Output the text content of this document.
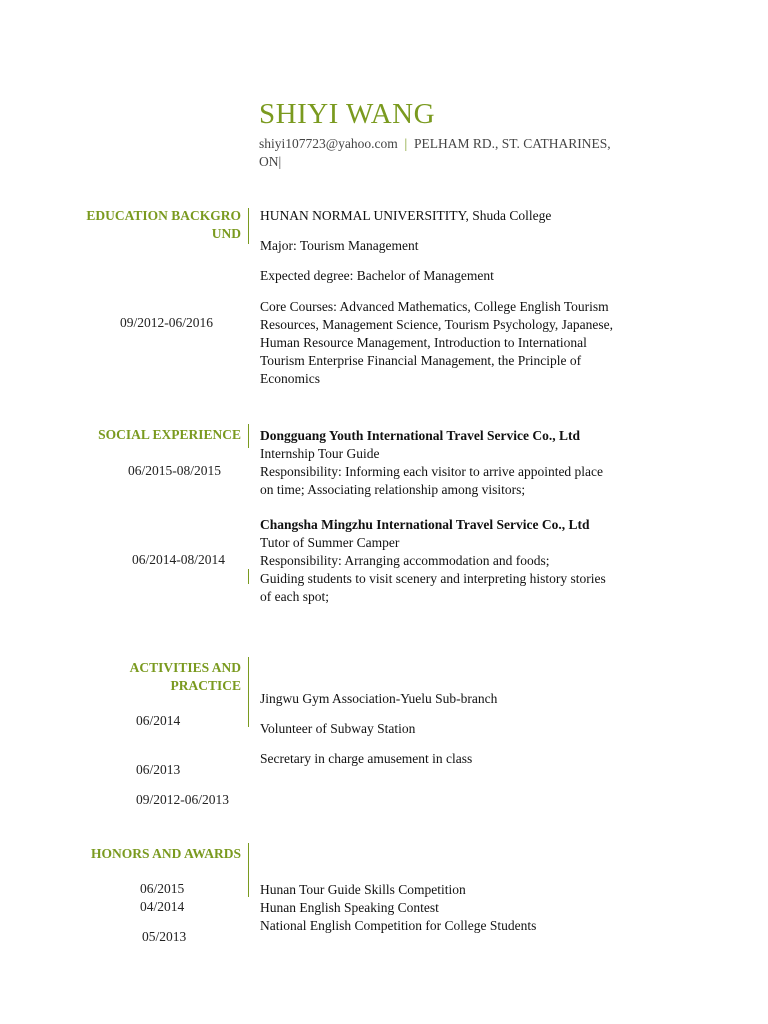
SHIYI WANG
shiyi107723@yahoo.com | PELHAM RD., ST. CATHARINES,
ON|
EDUCATION BACKGRO
UND
09/2012-06/2016
HUNAN NORMAL UNIVERSITITY, Shuda College
Major: Tourism Management
Expected degree: Bachelor of Management
Core Courses: Advanced Mathematics, College English Tourism
Resources, Management Science, Tourism Psychology, Japanese,
Human Resource Management, Introduction to International
Tourism Enterprise Financial Management, the Principle of
Economics
SOCIAL EXPERIENCE
06/2015-08/2015
Dongguang Youth International Travel Service Co., Ltd
Internship Tour Guide
Responsibility: Informing each visitor to arrive appointed place
on time; Associating relationship among visitors;
06/2014-08/2014
Changsha Mingzhu International Travel Service Co., Ltd
Tutor of Summer Camper
Responsibility: Arranging accommodation and foods;
Guiding students to visit scenery and interpreting history stories
of each spot;
ACTIVITIES AND
PRACTICE
06/2014
06/2013
09/2012-06/2013
Jingwu Gym Association-Yuelu Sub-branch
Volunteer of Subway Station
Secretary in charge amusement in class
HONORS AND AWARDS
06/2015
04/2014
05/2013
Hunan Tour Guide Skills Competition
Hunan English Speaking Contest
National English Competition for College Students
